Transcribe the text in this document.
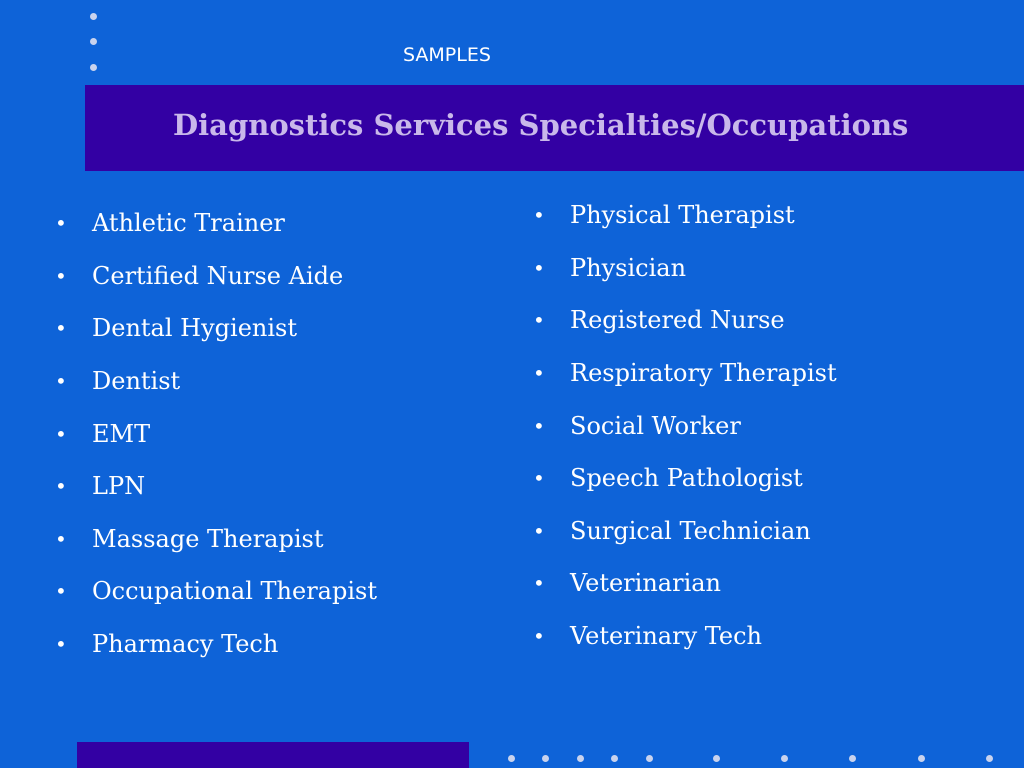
SAMPLES
Diagnostics Services Specialties/Occupations
•	Athletic Trainer
•	Certified Nurse Aide
•	Dental Hygienist
•	Dentist
•	EMT
•	LPN
•	Massage Therapist
•	Occupational Therapist
•	Pharmacy Tech
•	Physical Therapist
•	Physician
•	Registered Nurse
•	Respiratory Therapist
•	Social Worker
•	Speech Pathologist
•	Surgical Technician
•	Veterinarian
•	Veterinary Tech
